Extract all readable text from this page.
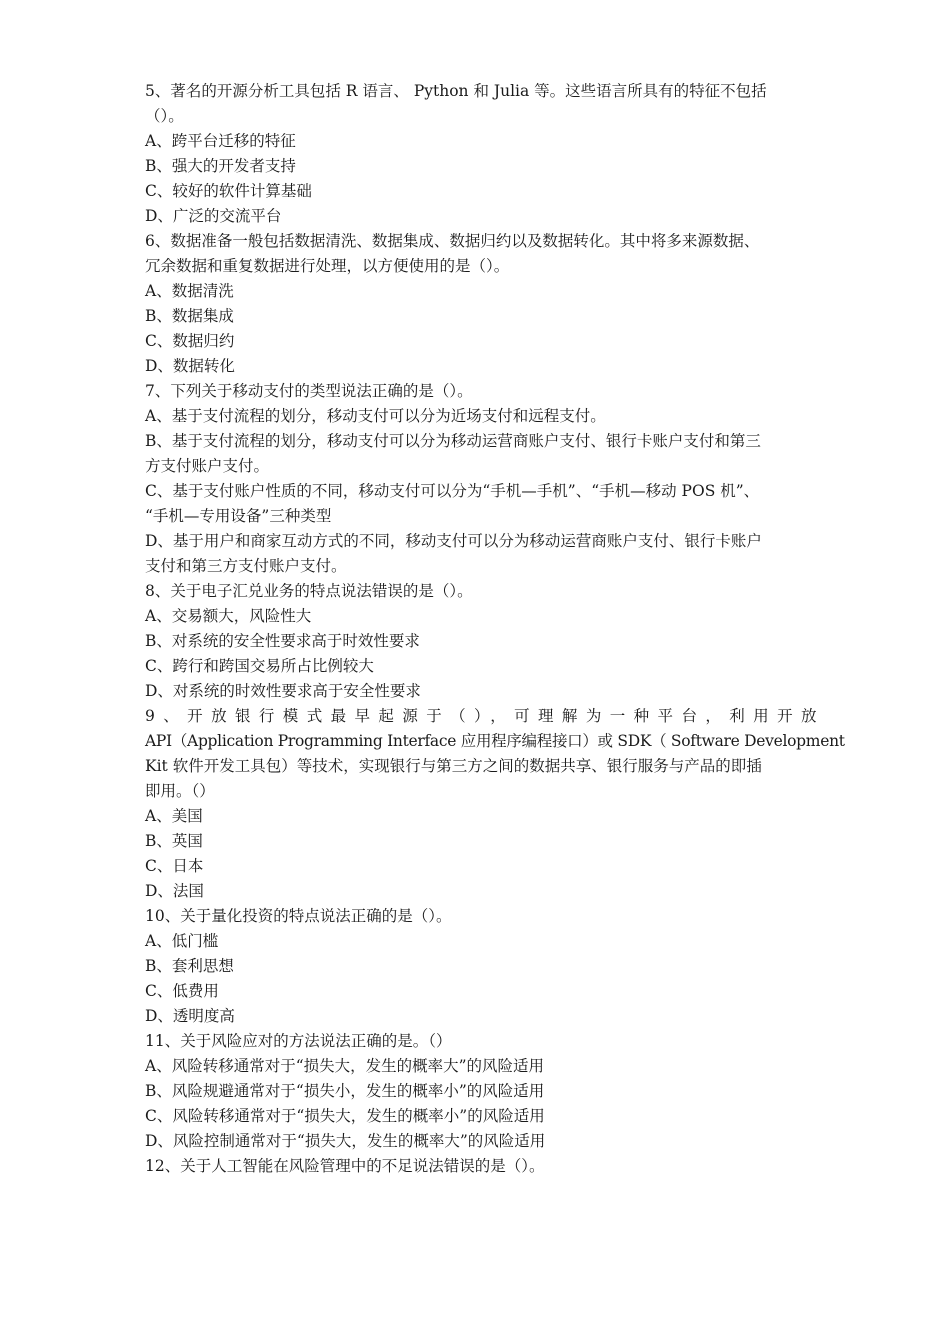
5、著名的开源分析工具包括 R 语言、 Python 和 Julia 等。这些语言所具有的特征不包括
（）。
A、跨平台迁移的特征
B、强大的开发者支持
C、较好的软件计算基础
D、广泛的交流平台
6、数据准备一般包括数据清洗、数据集成、数据归约以及数据转化。其中将多来源数据、
冗余数据和重复数据进行处理，以方便使用的是（）。
A、数据清洗
B、数据集成
C、数据归约
D、数据转化
7、下列关于移动支付的类型说法正确的是（）。
A、基于支付流程的划分，移动支付可以分为近场支付和远程支付。
B、基于支付流程的划分，移动支付可以分为移动运营商账户支付、银行卡账户支付和第三
方支付账户支付。
C、基于支付账户性质的不同，移动支付可以分为“手机—手机”、“手机—移动 POS 机”、
“手机—专用设备”三种类型
D、基于用户和商家互动方式的不同，移动支付可以分为移动运营商账户支付、银行卡账户
支付和第三方支付账户支付。
8、关于电子汇兑业务的特点说法错误的是（）。
A、交易额大，风险性大
B、对系统的安全性要求高于时效性要求
C、跨行和跨国交易所占比例较大
D、对系统的时效性要求高于安全性要求
9、开放银行模式最早起源于（），可理解为一种平台，利用开放
API（Application Programming Interface 应用程序编程接口）或 SDK（ Software Development
Kit 软件开发工具包）等技术，实现银行与第三方之间的数据共享、银行服务与产品的即插
即用。（）
A、美国
B、英国
C、日本
D、法国
10、关于量化投资的特点说法正确的是（）。
A、低门槛
B、套利思想
C、低费用
D、透明度高
11、关于风险应对的方法说法正确的是。（）
A、风险转移通常对于“损失大，发生的概率大”的风险适用
B、风险规避通常对于“损失小，发生的概率小”的风险适用
C、风险转移通常对于“损失大，发生的概率小”的风险适用
D、风险控制通常对于“损失大，发生的概率大”的风险适用
12、关于人工智能在风险管理中的不足说法错误的是（）。
